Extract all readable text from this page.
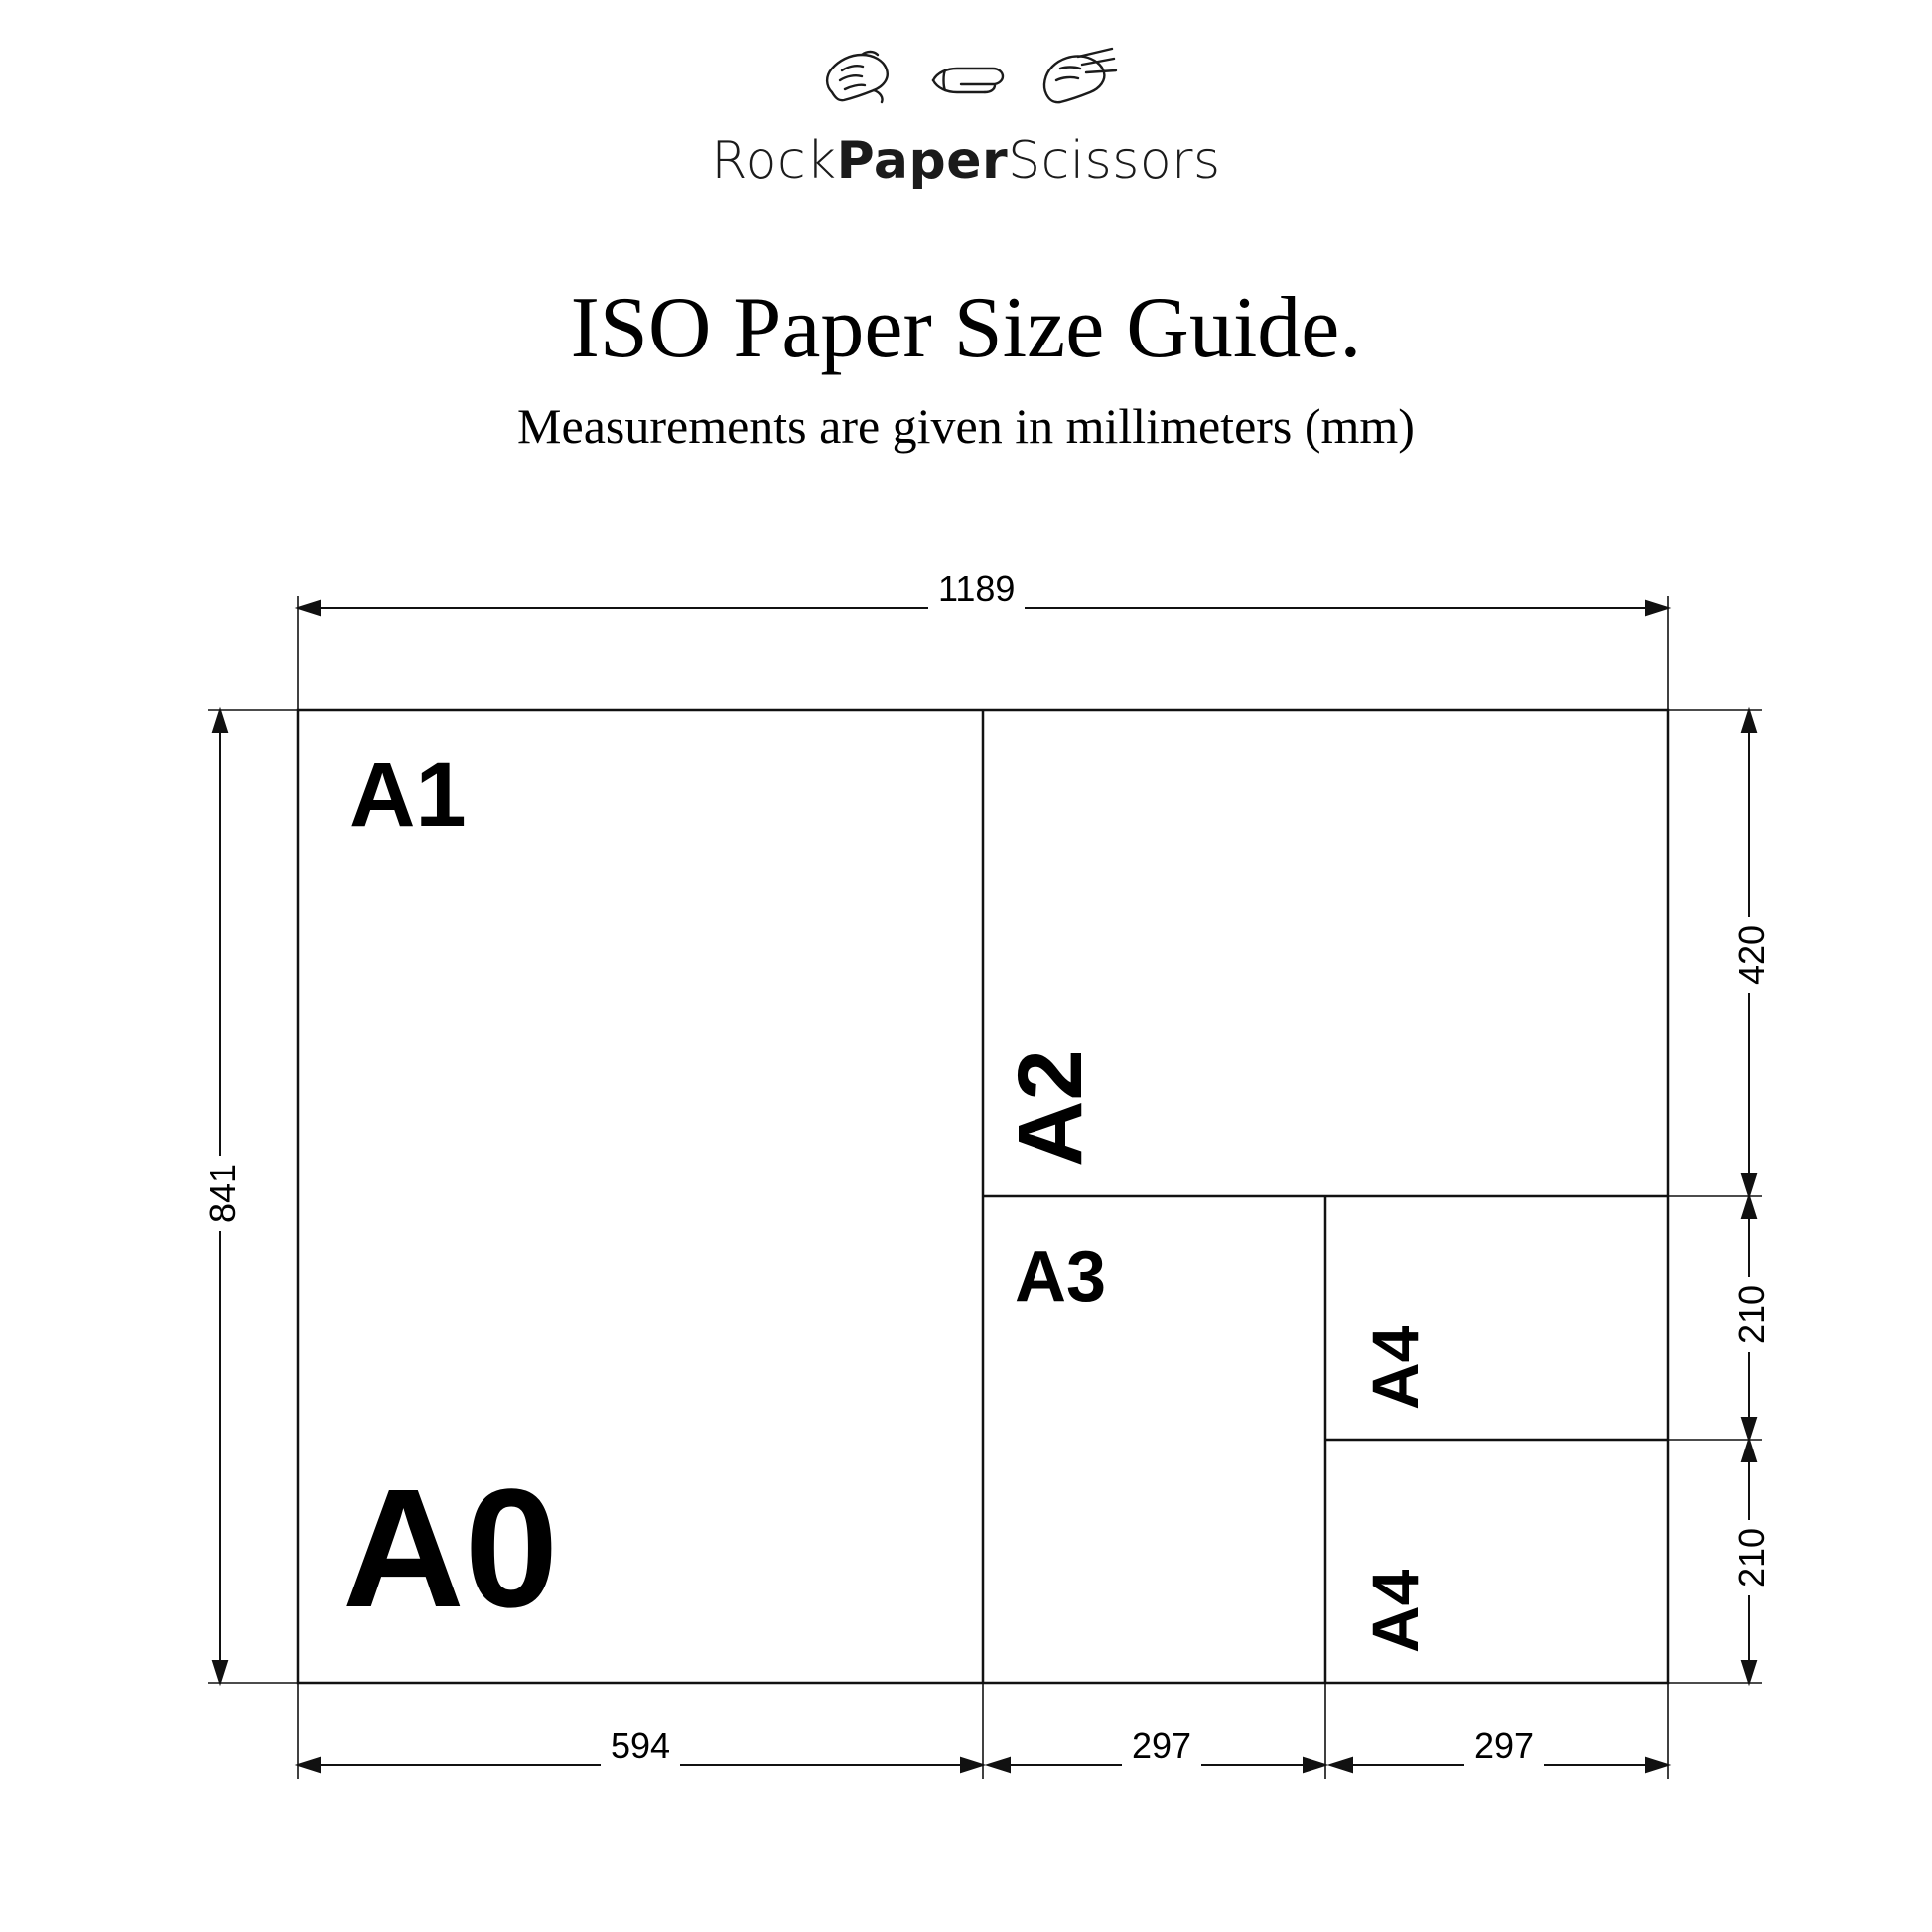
RockPaperScissors
ISO Paper Size Guide.
Measurements are given in millimeters (mm)
A0
A1
A2
A3
A4
A4
1189
841
420
210
210
594	297	297
